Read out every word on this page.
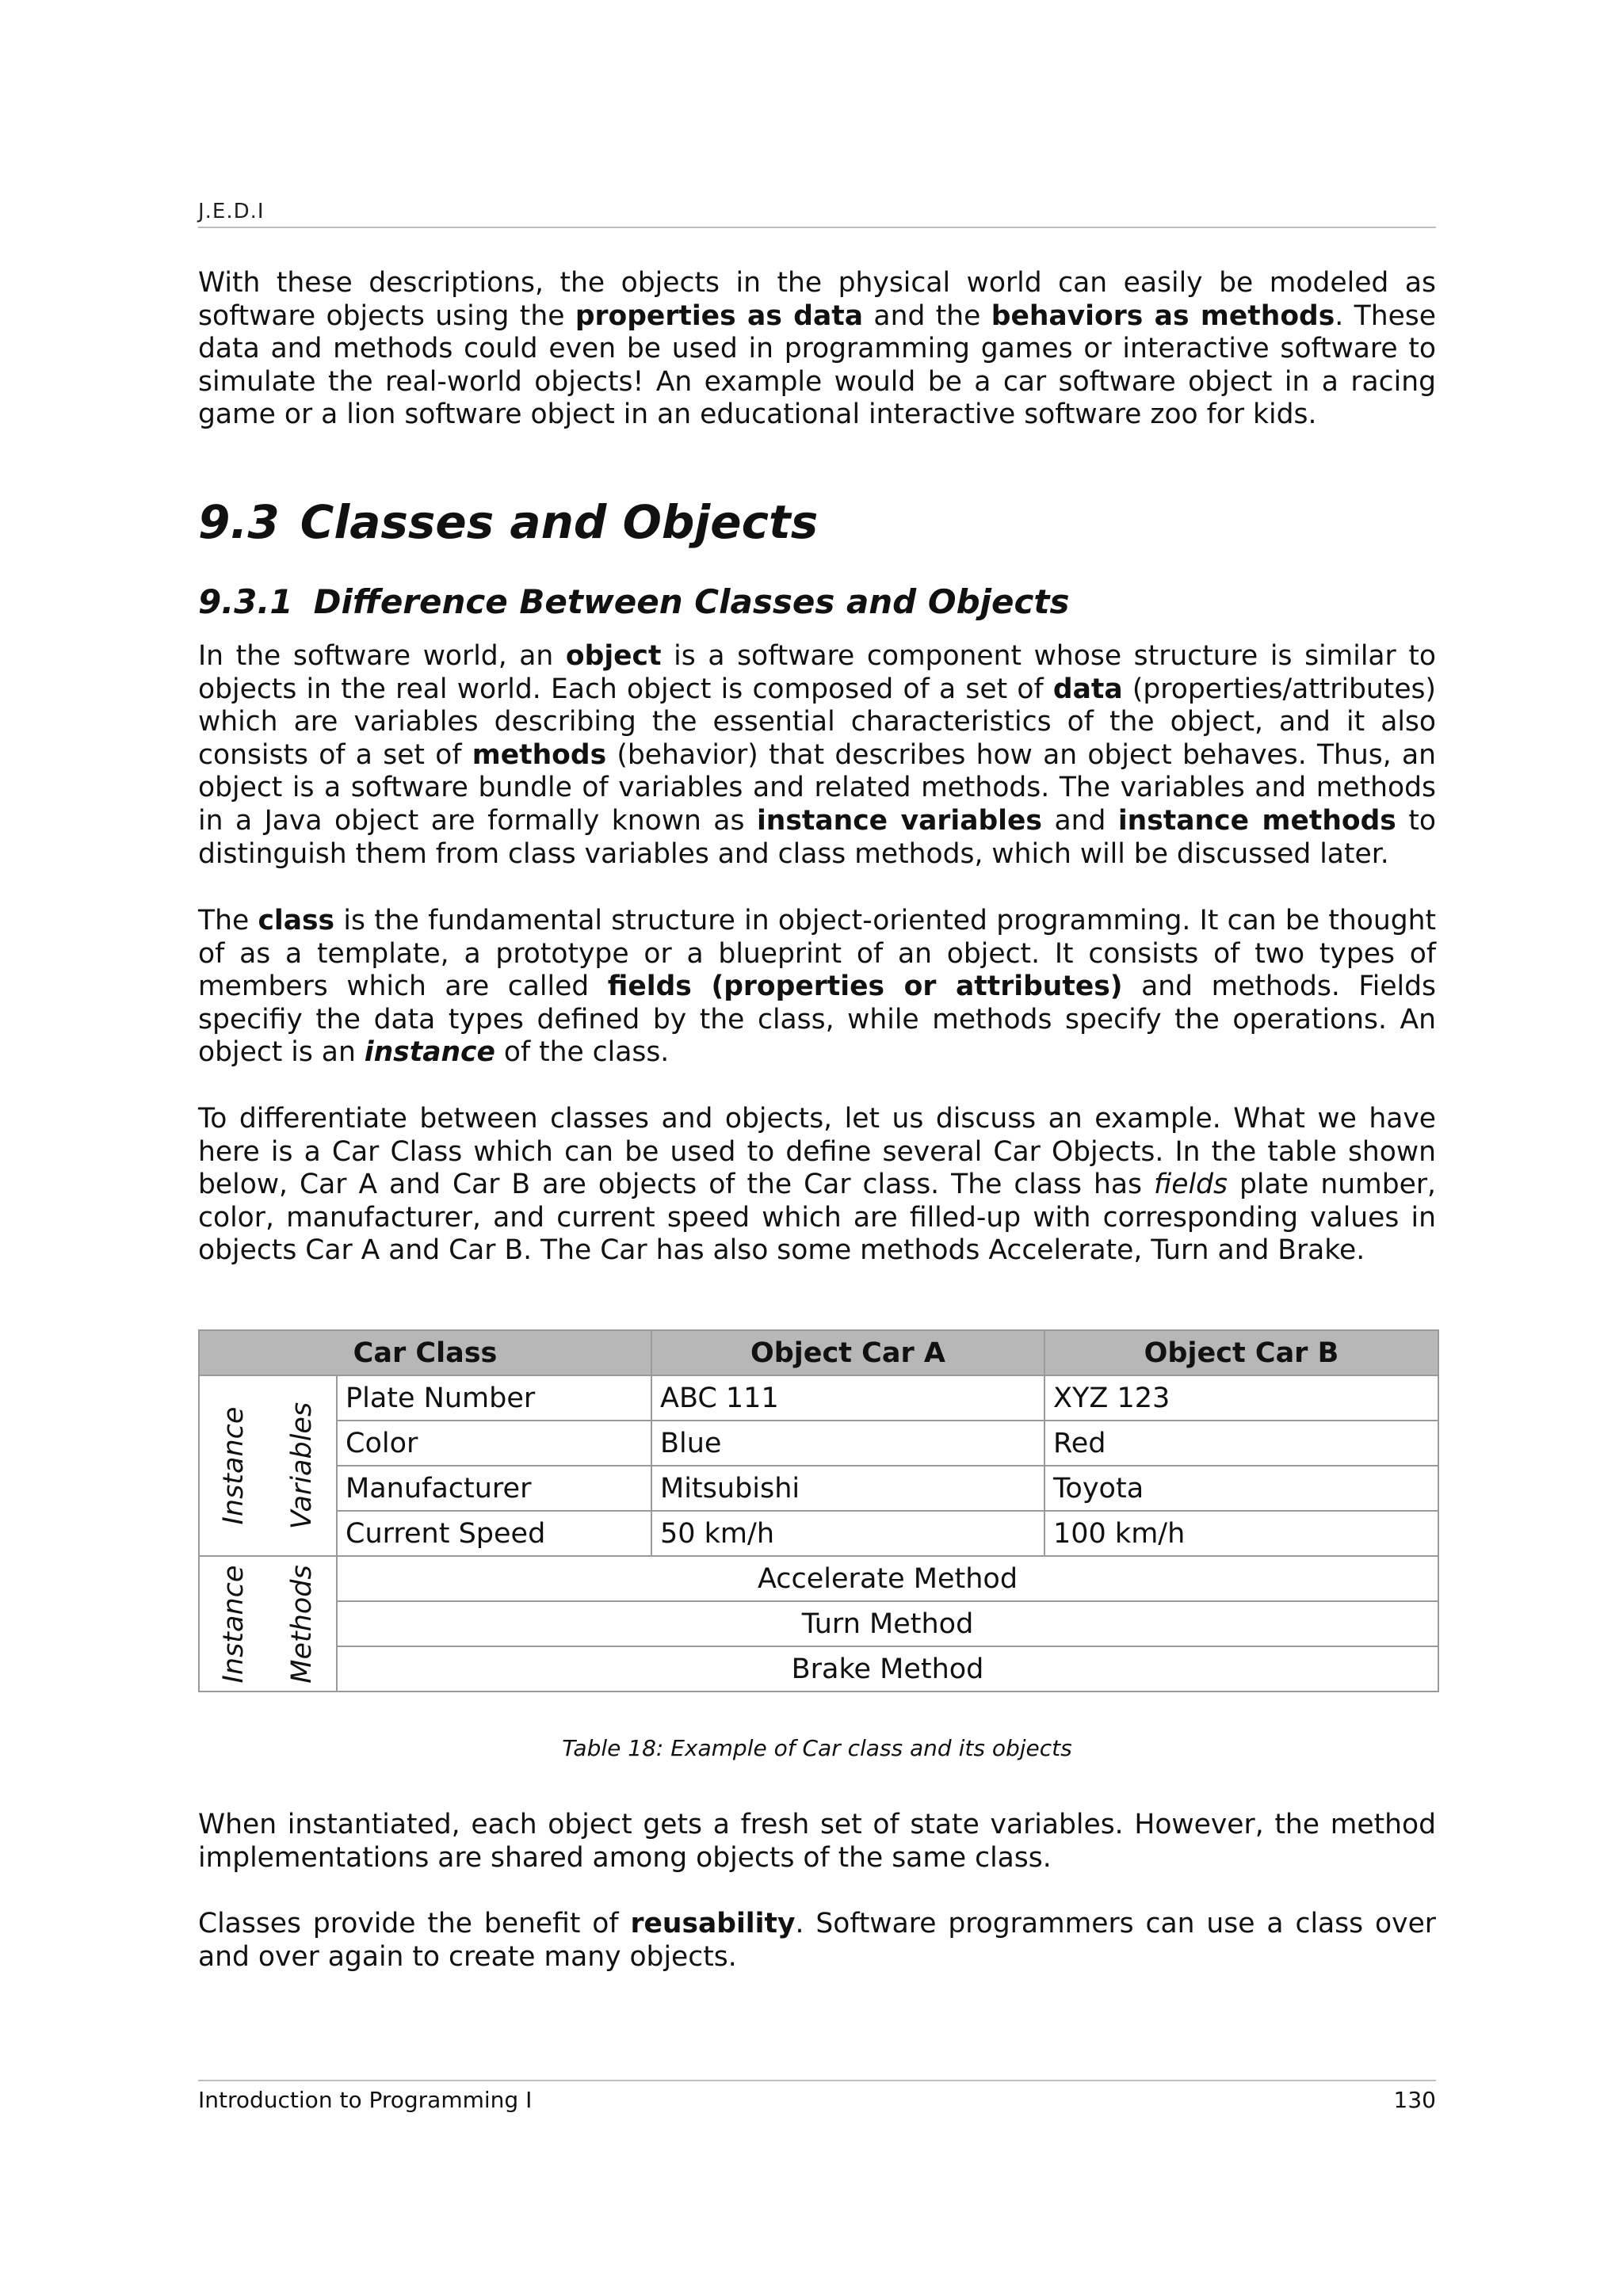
J.E.D.I

With these descriptions, the objects in the physical world can easily be modeled as software objects using the properties as data and the behaviors as methods. These data and methods could even be used in programming games or interactive software to simulate the real-world objects! An example would be a car software object in a racing game or a lion software object in an educational interactive software zoo for kids.

9.3 Classes and Objects
9.3.1 Difference Between Classes and Objects

In the software world, an object is a software component whose structure is similar to objects in the real world. Each object is composed of a set of data (properties/attributes) which are variables describing the essential characteristics of the object, and it also consists of a set of methods (behavior) that describes how an object behaves. Thus, an object is a software bundle of variables and related methods. The variables and methods in a Java object are formally known as instance variables and instance methods to distinguish them from class variables and class methods, which will be discussed later.

The class is the fundamental structure in object-oriented programming. It can be thought of as a template, a prototype or a blueprint of an object. It consists of two types of members which are called fields (properties or attributes) and methods. Fields specifiy the data types defined by the class, while methods specify the operations. An object is an instance of the class.

To differentiate between classes and objects, let us discuss an example. What we have here is a Car Class which can be used to define several Car Objects. In the table shown below, Car A and Car B are objects of the Car class. The class has fields plate number, color, manufacturer, and current speed which are filled-up with corresponding values in objects Car A and Car B. The Car has also some methods Accelerate, Turn and Brake.

Car Class			Object Car A	Object Car B

Instance	Variables	Plate Number	ABC 111	XYZ 123
		Color	Blue	Red
		Manufacturer	Mitsubishi	Toyota
		Current Speed	50 km/h	100 km/h

Instance	Methods	Accelerate Method		
		Turn Method		
		Brake Method		

Table 18: Example of Car class and its objects

When instantiated, each object gets a fresh set of state variables. However, the method implementations are shared among objects of the same class.

Classes provide the benefit of reusability. Software programmers can use a class over and over again to create many objects.

Introduction to Programming I	130
